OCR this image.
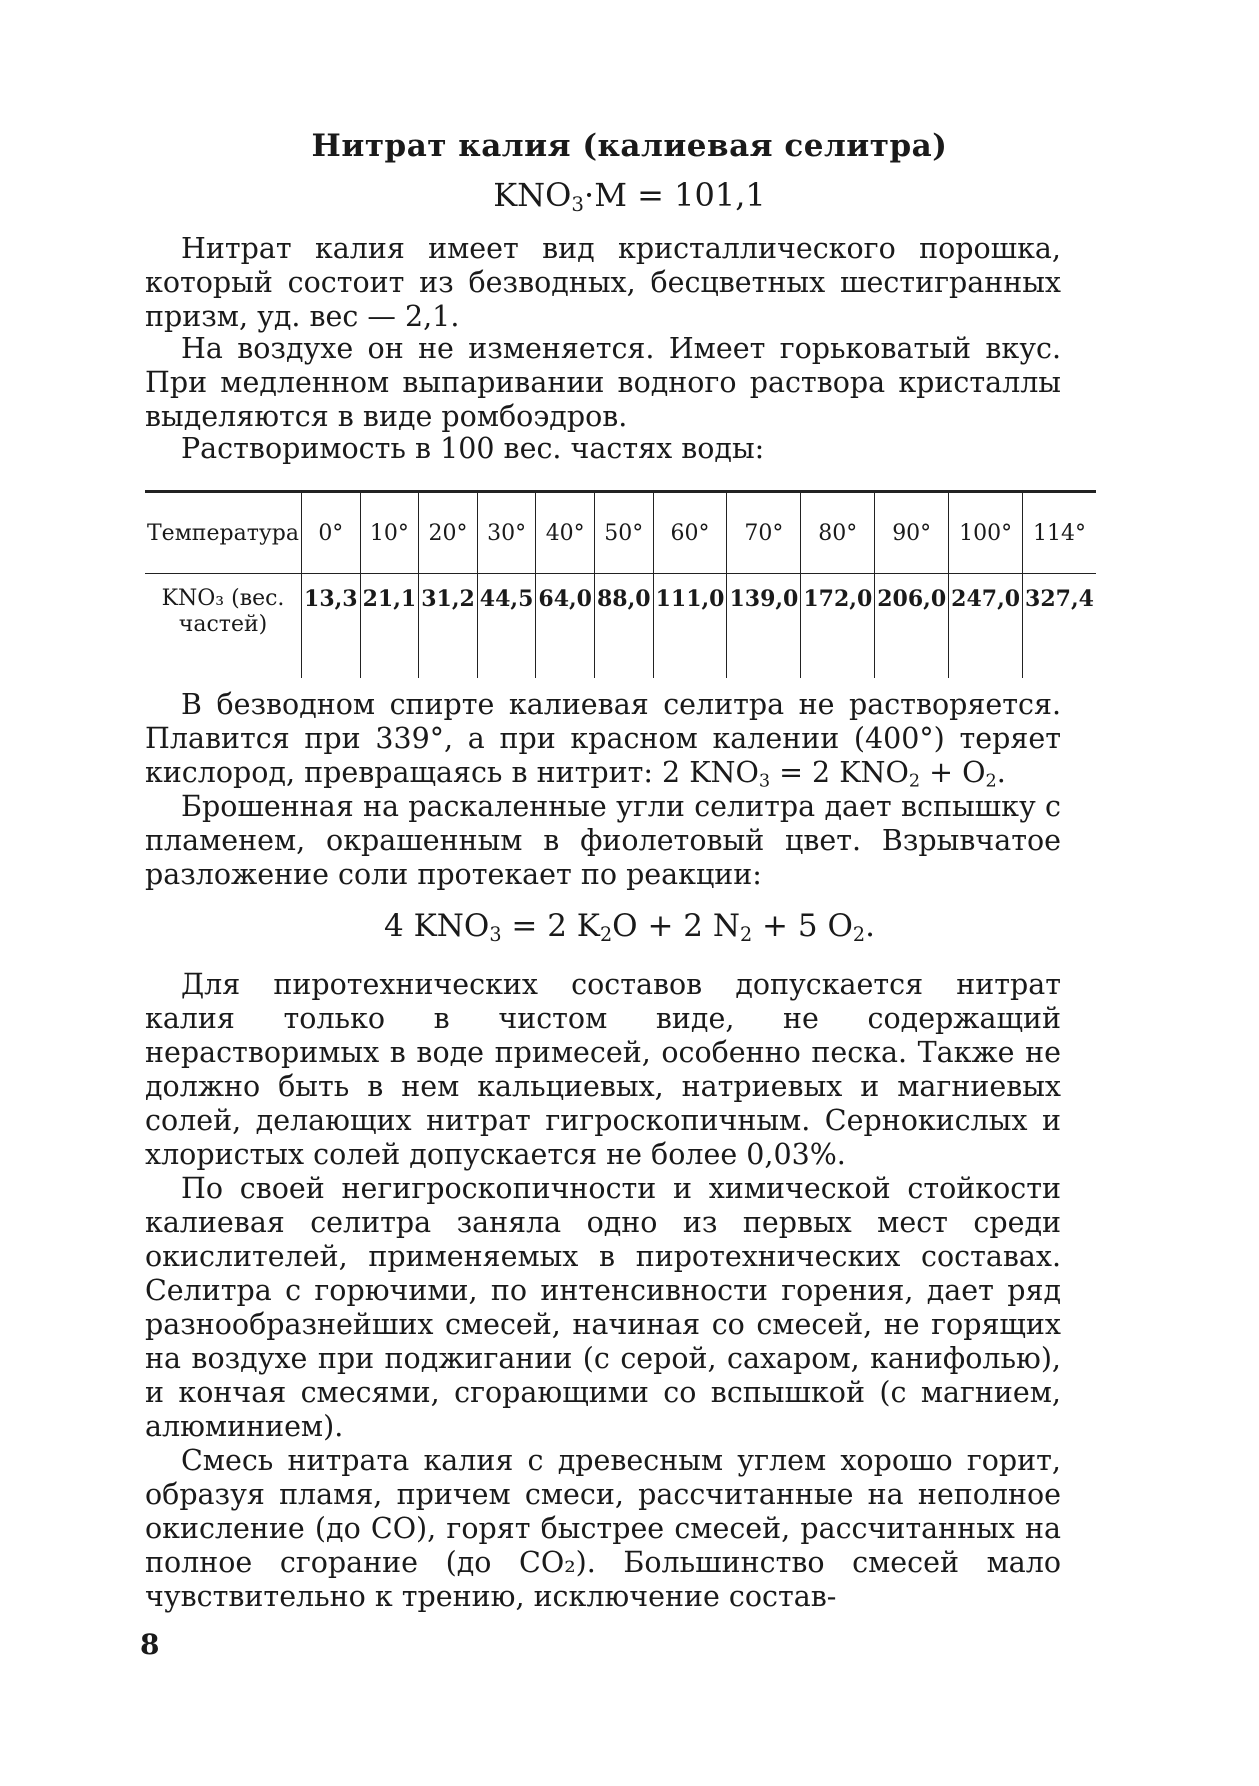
Нитрат калия (калиевая селитра)
$KNO_3\cdot M = 101,1$

Нитрат калия имеет вид кристаллического порошка, который состоит из безводных, бесцветных шестигранных призм, уд. вес — 2,1.

На воздухе он не изменяется. Имеет горьковатый вкус. При медленном выпаривании водного раствора кристаллы выделяются в виде ромбоэдров.

Растворимость в 100 вес. частях воды:

Температура	0°	10°	20°	30°	40°	50°	60°	70°	80°	90°	100°	114°
KNO₃ (вес. частей)	13,3	21,1	31,2	44,5	64,0	88,0	111,0	139,0	172,0	206,0	247,0	327,4

В безводном спирте калиевая селитра не растворяется. Плавится при 339°, а при красном калении (400°) теряет кислород, превращаясь в нитрит: 2 $KNO_3 = 2$ $KNO_2 + O_2$.

Брошенная на раскаленные угли селитра дает вспышку с пламенем, окрашенным в фиолетовый цвет. Взрывчатое разложение соли протекает по реакции:

4 $KNO_3 = 2$ $K_2O + 2$ $N_2 + 5$ $O_2$.

Для пиротехнических составов допускается нитрат калия только в чистом виде, не содержащий нерастворимых в воде примесей, особенно песка. Также не должно быть в нем кальциевых, натриевых и магниевых солей, делающих нитрат гигроскопичным. Сернокислых и хлористых солей допускается не более 0,03%.

По своей негигроскопичности и химической стойкости калиевая селитра заняла одно из первых мест среди окислителей, применяемых в пиротехнических составах. Селитра с горючими, по интенсивности горения, дает ряд разнообразнейших смесей, начиная со смесей, не горящих на воздухе при поджигании (с серой, сахаром, канифолью), и кончая смесями, сгорающими со вспышкой (с магнием, алюминием).

Смесь нитрата калия с древесным углем хорошо горит, образуя пламя, причем смеси, рассчитанные на неполное окисление (до CO), горят быстрее смесей, рассчитанных на полное сгорание (до CO₂). Большинство смесей мало чувствительно к трению, исключение состав-

8
